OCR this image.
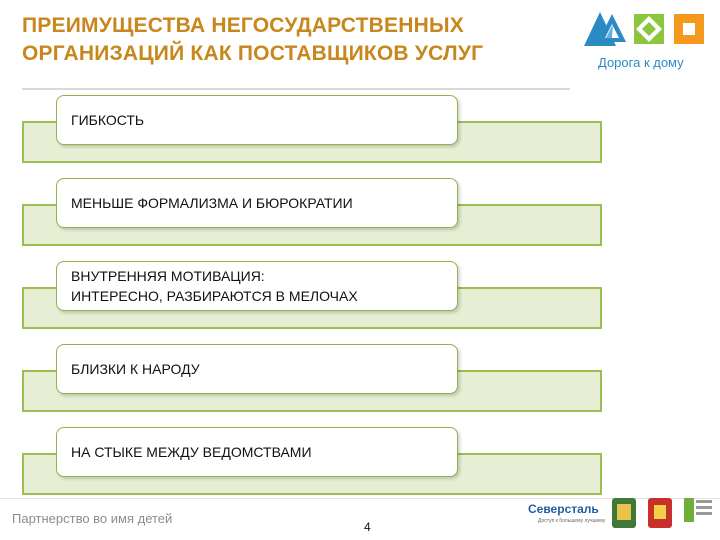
ПРЕИМУЩЕСТВА НЕГОСУДАРСТВЕННЫХ
ОРГАНИЗАЦИЙ КАК ПОСТАВЩИКОВ УСЛУГ	Дорога к дому
ГИБКОСТЬ
МЕНЬШЕ ФОРМАЛИЗМА И БЮРОКРАТИИ
ВНУТРЕННЯЯ МОТИВАЦИЯ:
ИНТЕРЕСНО, РАЗБИРАЮТСЯ В МЕЛОЧАХ
БЛИЗКИ К НАРОДУ
НА СТЫКЕ МЕЖДУ ВЕДОМСТВАМИ
Партнерство во имя детей
4
Северсталь
Доступ к большему лучшему
